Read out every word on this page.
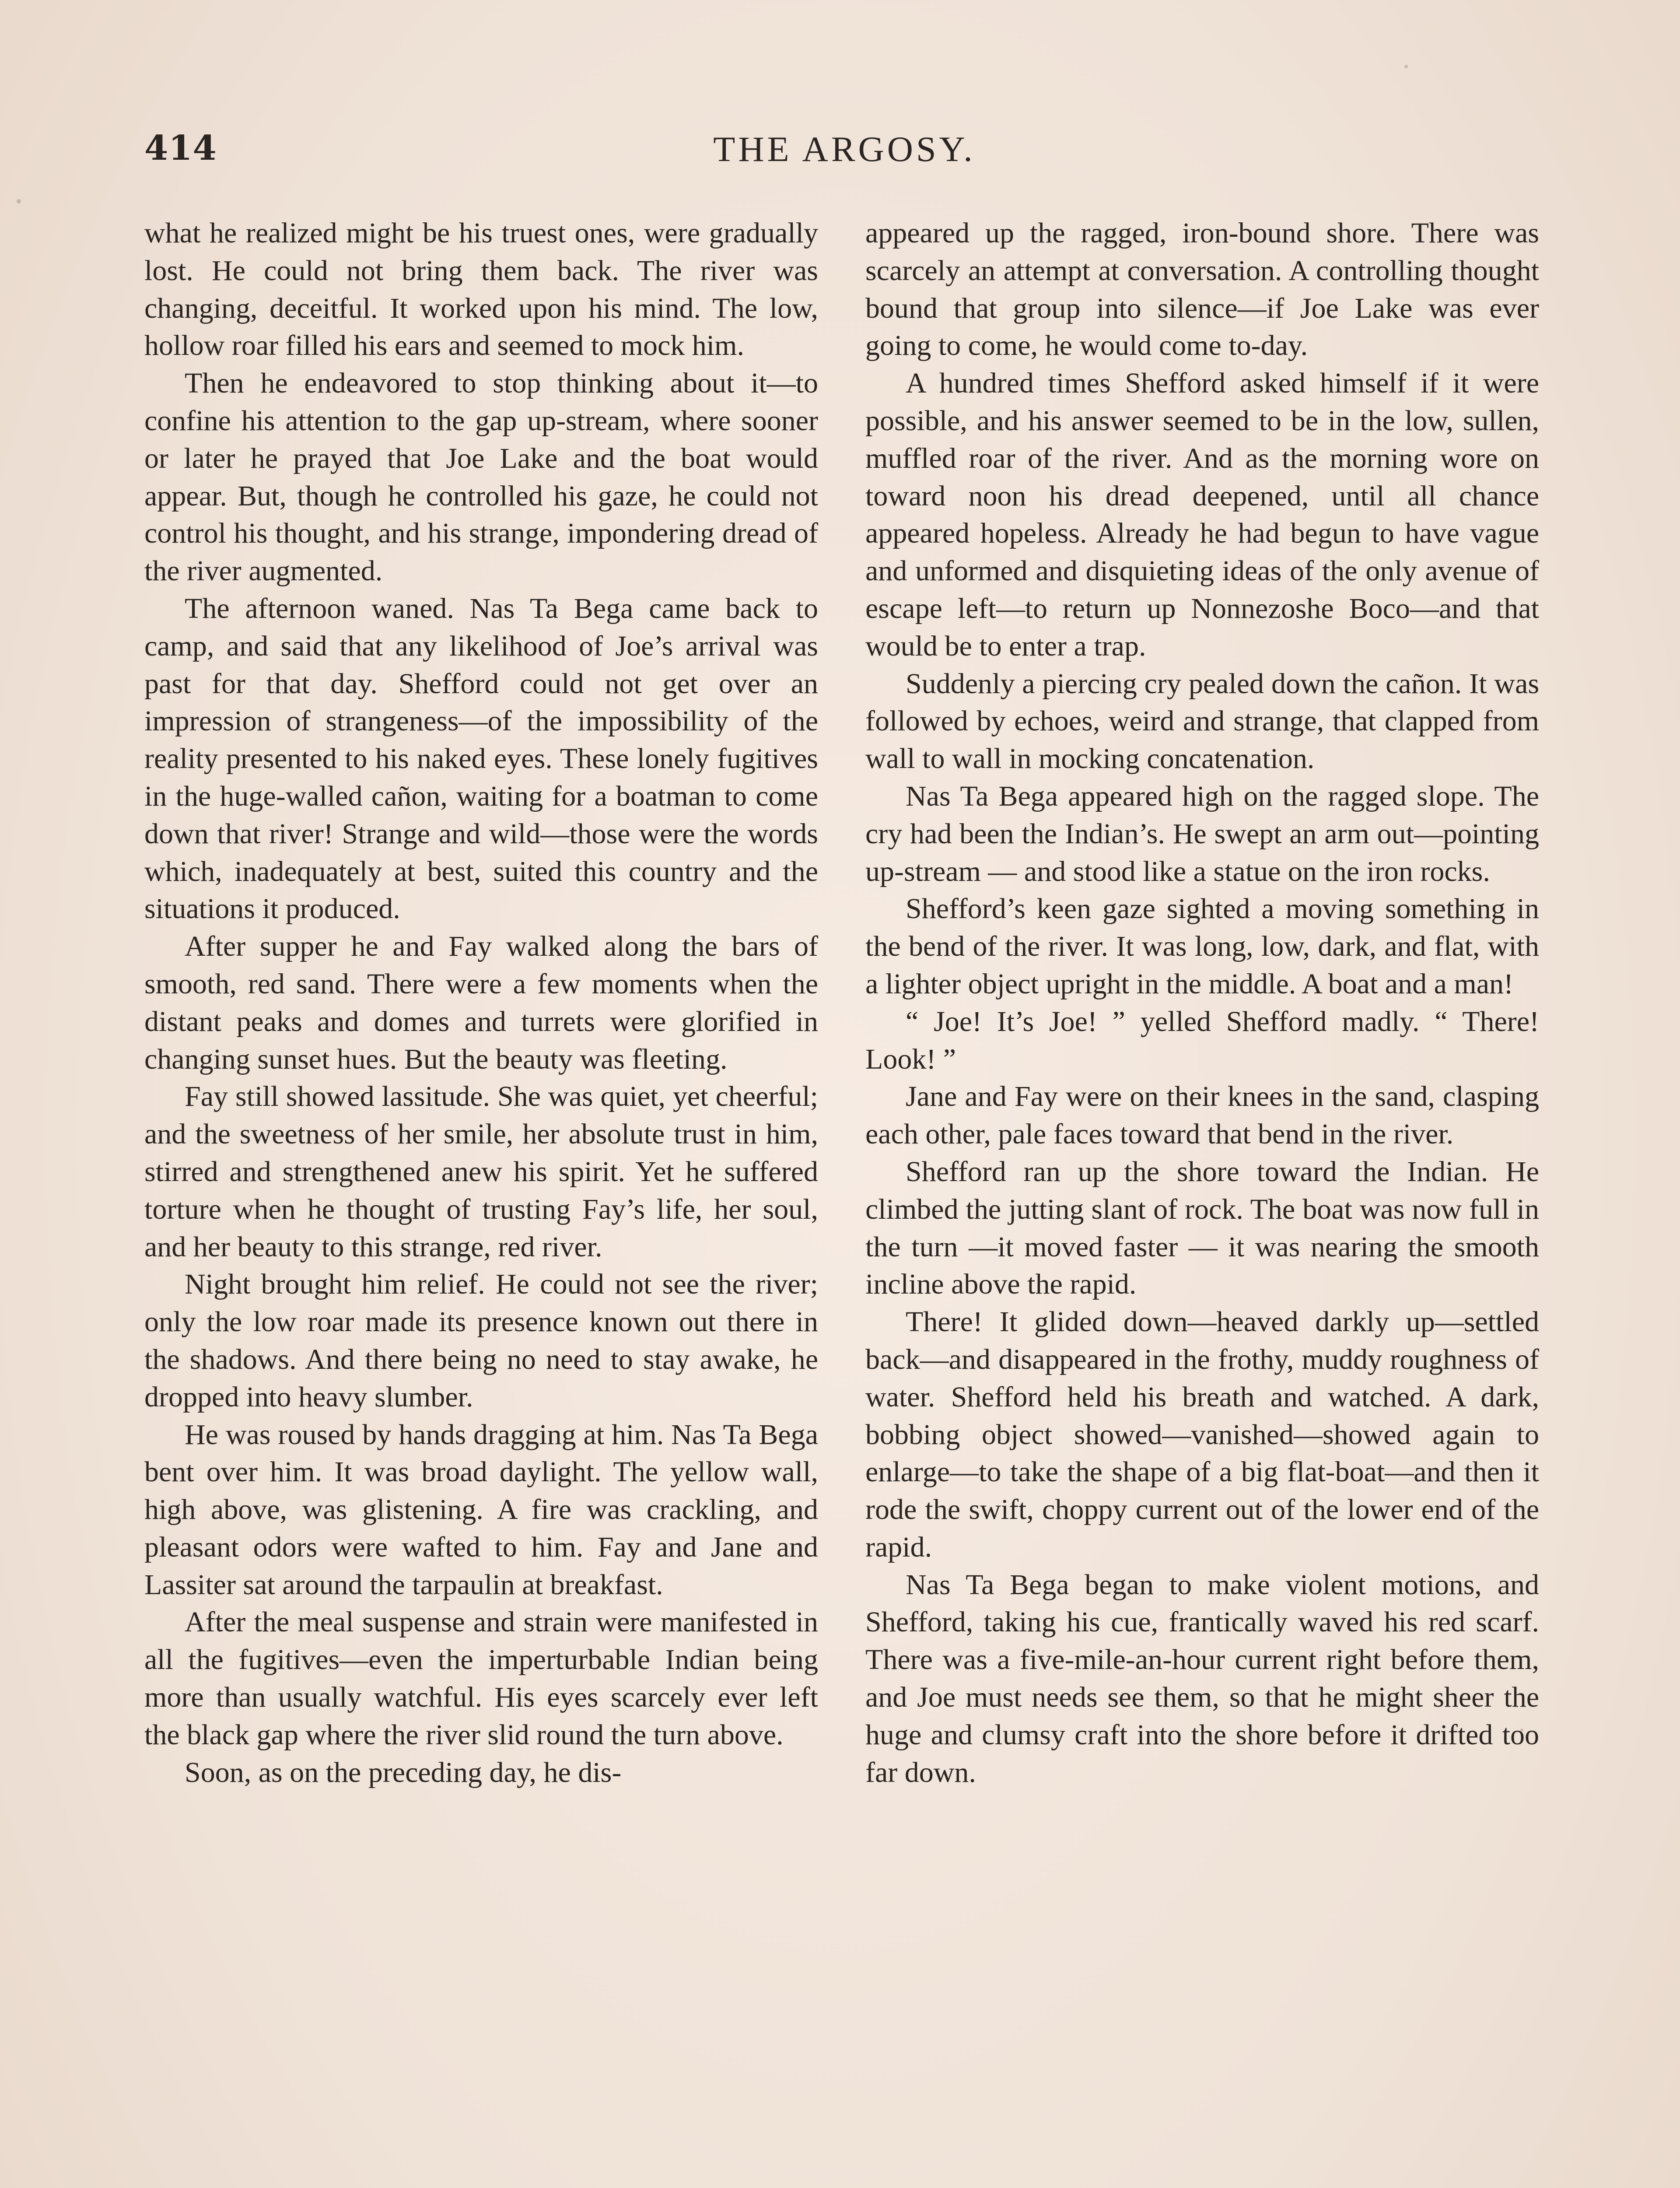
414	THE ARGOSY.

what he realized might be his truest ones, were gradually lost. He could not bring them back. The river was changing, deceitful. It worked upon his mind. The low, hollow roar filled his ears and seemed to mock him.

Then he endeavored to stop thinking about it—to confine his attention to the gap up-stream, where sooner or later he prayed that Joe Lake and the boat would appear. But, though he controlled his gaze, he could not control his thought, and his strange, impondering dread of the river augmented.

The afternoon waned. Nas Ta Bega came back to camp, and said that any likelihood of Joe’s arrival was past for that day. Shefford could not get over an impression of strangeness—of the impossibility of the reality presented to his naked eyes. These lonely fugitives in the huge-walled cañon, waiting for a boatman to come down that river! Strange and wild—those were the words which, inadequately at best, suited this country and the situations it produced.

After supper he and Fay walked along the bars of smooth, red sand. There were a few moments when the distant peaks and domes and turrets were glorified in changing sunset hues. But the beauty was fleeting.

Fay still showed lassitude. She was quiet, yet cheerful; and the sweetness of her smile, her absolute trust in him, stirred and strengthened anew his spirit. Yet he suffered torture when he thought of trusting Fay’s life, her soul, and her beauty to this strange, red river.

Night brought him relief. He could not see the river; only the low roar made its presence known out there in the shadows. And there being no need to stay awake, he dropped into heavy slumber.

He was roused by hands dragging at him. Nas Ta Bega bent over him. It was broad daylight. The yellow wall, high above, was glistening. A fire was crackling, and pleasant odors were wafted to him. Fay and Jane and Lassiter sat around the tarpaulin at breakfast.

After the meal suspense and strain were manifested in all the fugitives—even the imperturbable Indian being more than usually watchful. His eyes scarcely ever left the black gap where the river slid round the turn above.

Soon, as on the preceding day, he dis-

appeared up the ragged, iron-bound shore. There was scarcely an attempt at conversation. A controlling thought bound that group into silence—if Joe Lake was ever going to come, he would come to-day.

A hundred times Shefford asked himself if it were possible, and his answer seemed to be in the low, sullen, muffled roar of the river. And as the morning wore on toward noon his dread deepened, until all chance appeared hopeless. Already he had begun to have vague and unformed and disquieting ideas of the only avenue of escape left—to return up Nonnezoshe Boco—and that would be to enter a trap.

Suddenly a piercing cry pealed down the cañon. It was followed by echoes, weird and strange, that clapped from wall to wall in mocking concatenation.

Nas Ta Bega appeared high on the ragged slope. The cry had been the Indian’s. He swept an arm out—pointing up-stream — and stood like a statue on the iron rocks.

Shefford’s keen gaze sighted a moving something in the bend of the river. It was long, low, dark, and flat, with a lighter object upright in the middle. A boat and a man!

“ Joe! It’s Joe! ” yelled Shefford madly. “ There! Look! ”

Jane and Fay were on their knees in the sand, clasping each other, pale faces toward that bend in the river.

Shefford ran up the shore toward the Indian. He climbed the jutting slant of rock. The boat was now full in the turn —it moved faster — it was nearing the smooth incline above the rapid.

There! It glided down—heaved darkly up—settled back—and disappeared in the frothy, muddy roughness of water. Shefford held his breath and watched. A dark, bobbing object showed—vanished—showed again to enlarge—to take the shape of a big flat-boat—and then it rode the swift, choppy current out of the lower end of the rapid.

Nas Ta Bega began to make violent motions, and Shefford, taking his cue, frantically waved his red scarf. There was a five-mile-an-hour current right before them, and Joe must needs see them, so that he might sheer the huge and clumsy craft into the shore before it drifted too far down.
